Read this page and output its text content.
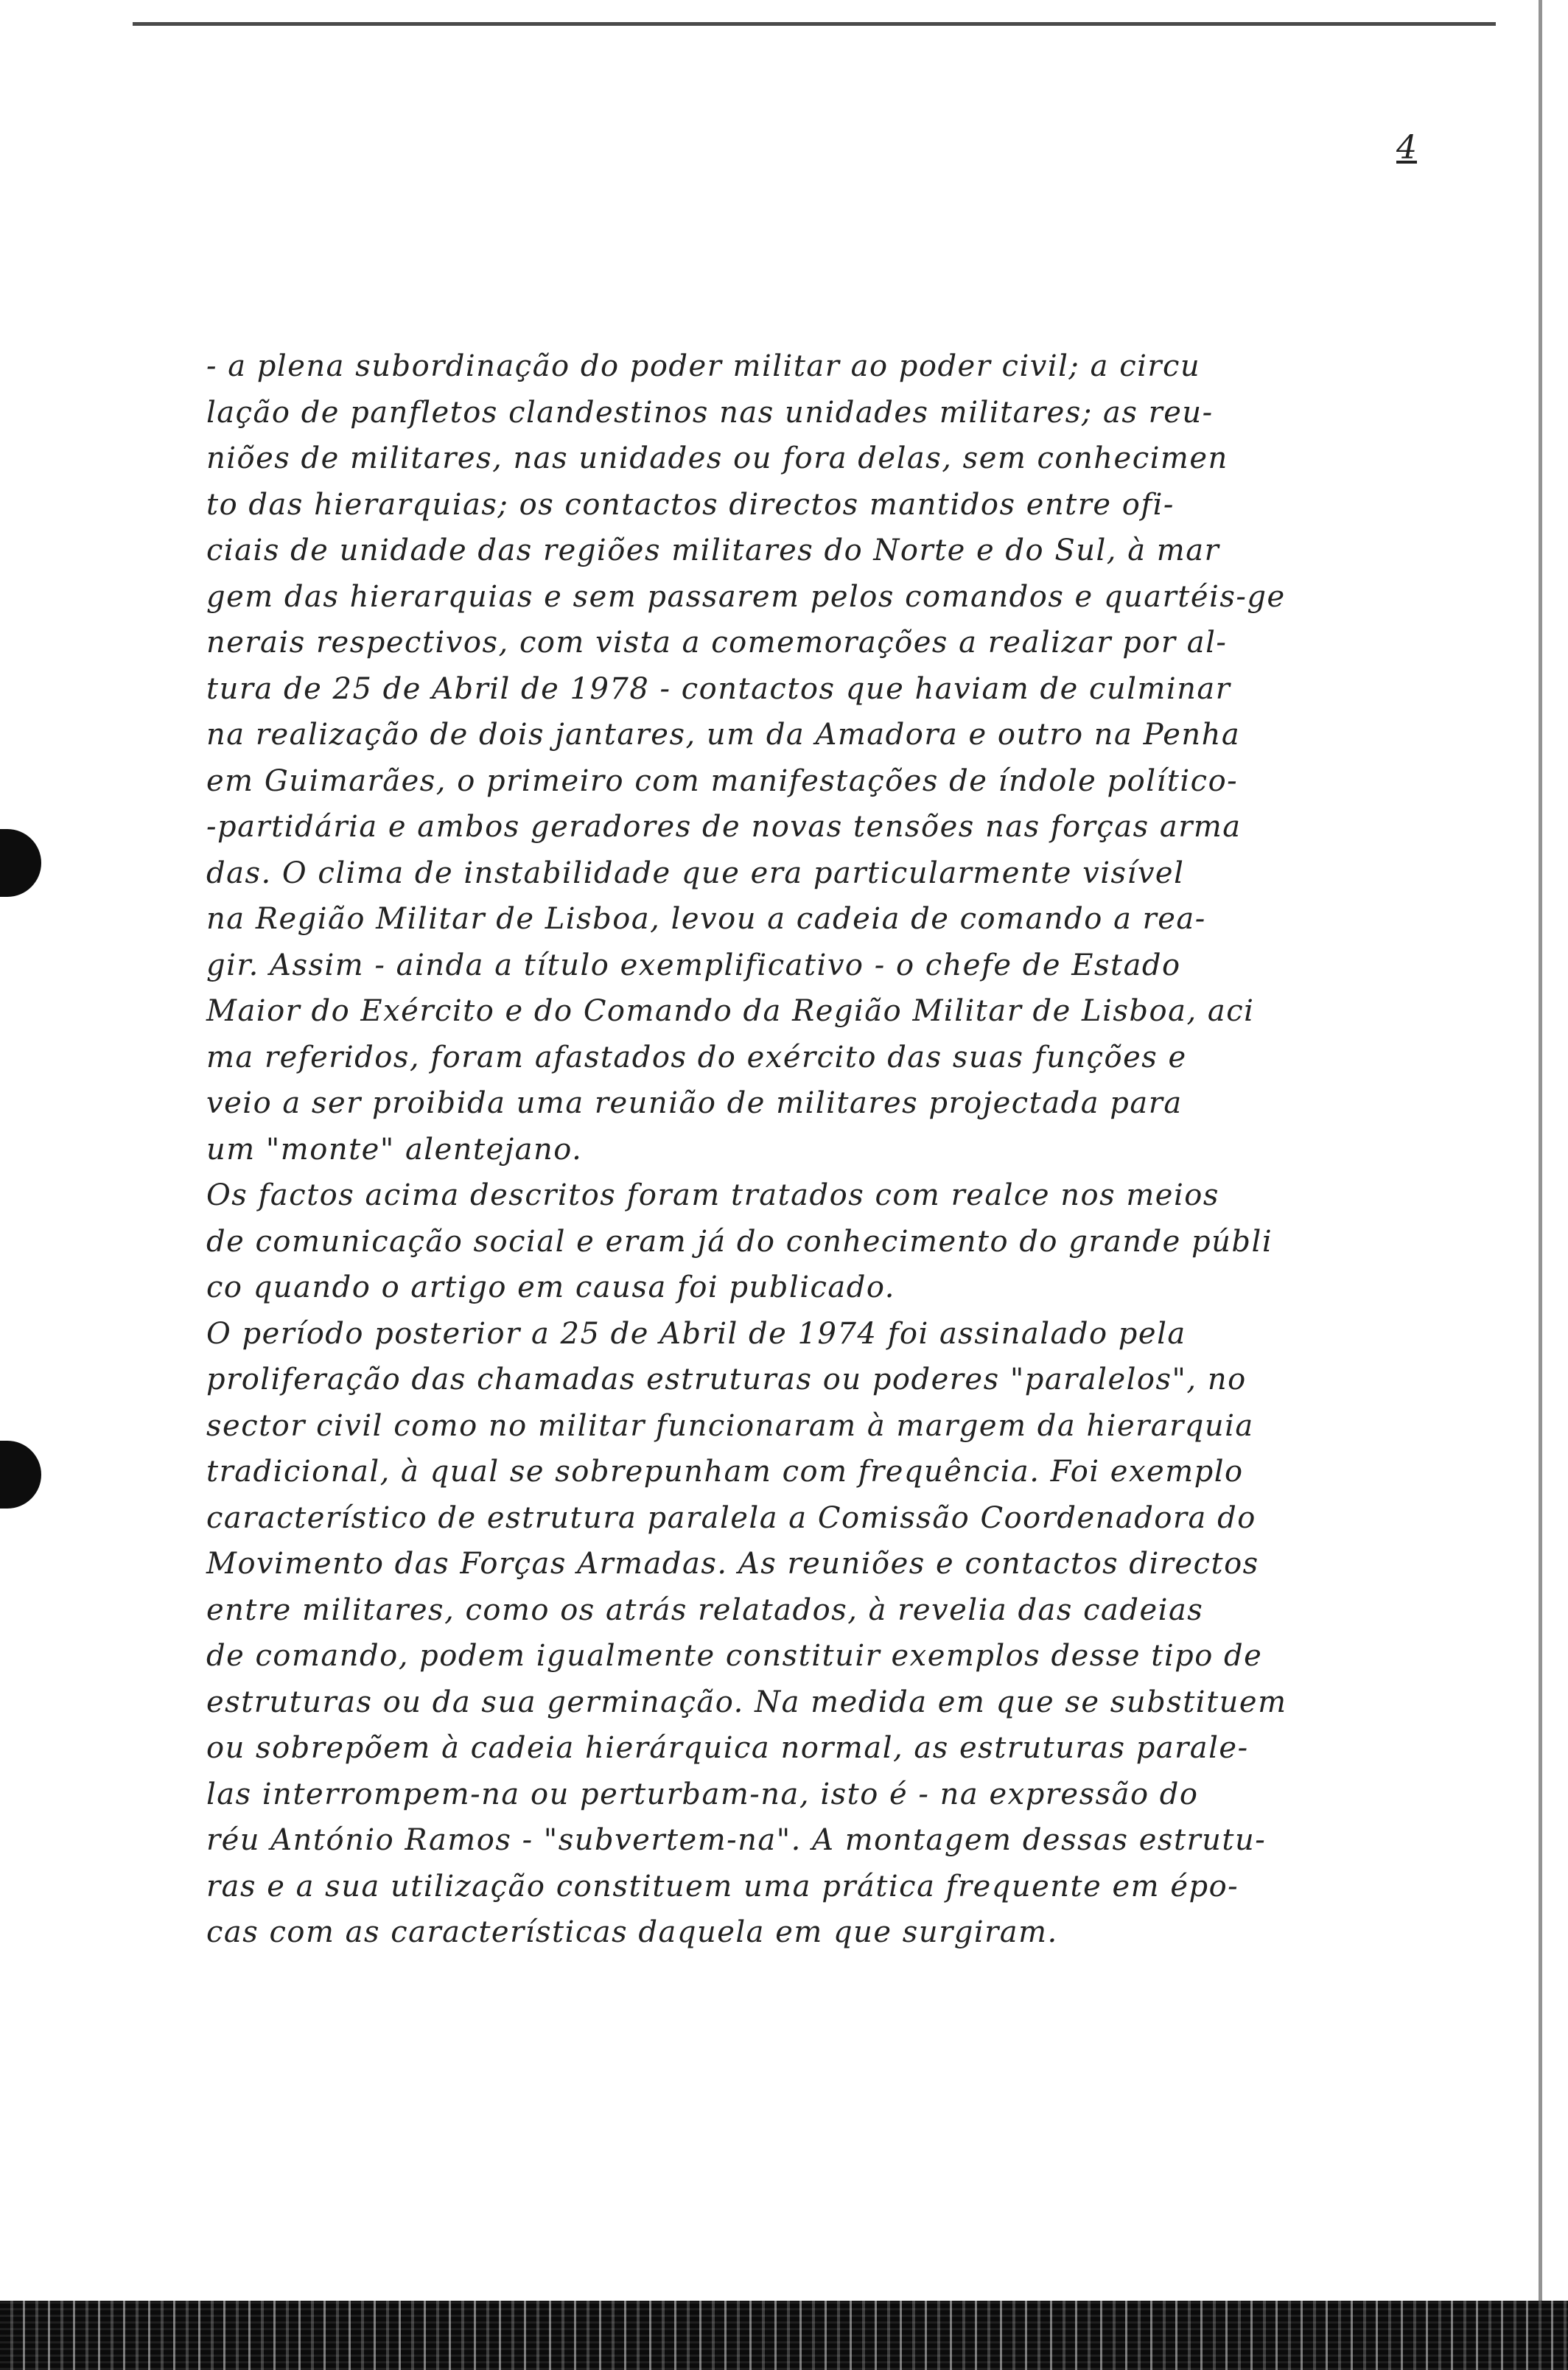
4
- a plena subordinação do poder militar ao poder civil; a circu
lação de panfletos clandestinos nas unidades militares; as reu-
niões de militares, nas unidades ou fora delas, sem conhecimen
to das hierarquias; os contactos directos mantidos entre ofi-
ciais de unidade das regiões militares do Norte e do Sul, à mar
gem das hierarquias e sem passarem pelos comandos e quartéis-ge
nerais respectivos, com vista a comemorações a realizar por al-
tura de 25 de Abril de 1978 - contactos que haviam de culminar
na realização de dois jantares, um da Amadora e outro na Penha
em Guimarães, o primeiro com manifestações de índole político-
-partidária e ambos geradores de novas tensões nas forças arma
das. O clima de instabilidade que era particularmente visível
na Região Militar de Lisboa, levou a cadeia de comando a rea-
gir. Assim - ainda a título exemplificativo - o chefe de Estado
Maior do Exército e do Comando da Região Militar de Lisboa, aci
ma referidos, foram afastados do exército das suas funções e
veio a ser proibida uma reunião de militares projectada para
um "monte" alentejano.
Os factos acima descritos foram tratados com realce nos meios
de comunicação social e eram já do conhecimento do grande públi
co quando o artigo em causa foi publicado.
O período posterior a 25 de Abril de 1974 foi assinalado pela
proliferação das chamadas estruturas ou poderes "paralelos", no
sector civil como no militar funcionaram à margem da hierarquia
tradicional, à qual se sobrepunham com frequência. Foi exemplo
característico de estrutura paralela a Comissão Coordenadora do
Movimento das Forças Armadas. As reuniões e contactos directos
entre militares, como os atrás relatados, à revelia das cadeias
de comando, podem igualmente constituir exemplos desse tipo de
estruturas ou da sua germinação. Na medida em que se substituem
ou sobrepõem à cadeia hierárquica normal, as estruturas parale-
las interrompem-na ou perturbam-na, isto é - na expressão do
réu António Ramos - "subvertem-na". A montagem dessas estrutu-
ras e a sua utilização constituem uma prática frequente em épo-
cas com as características daquela em que surgiram.
